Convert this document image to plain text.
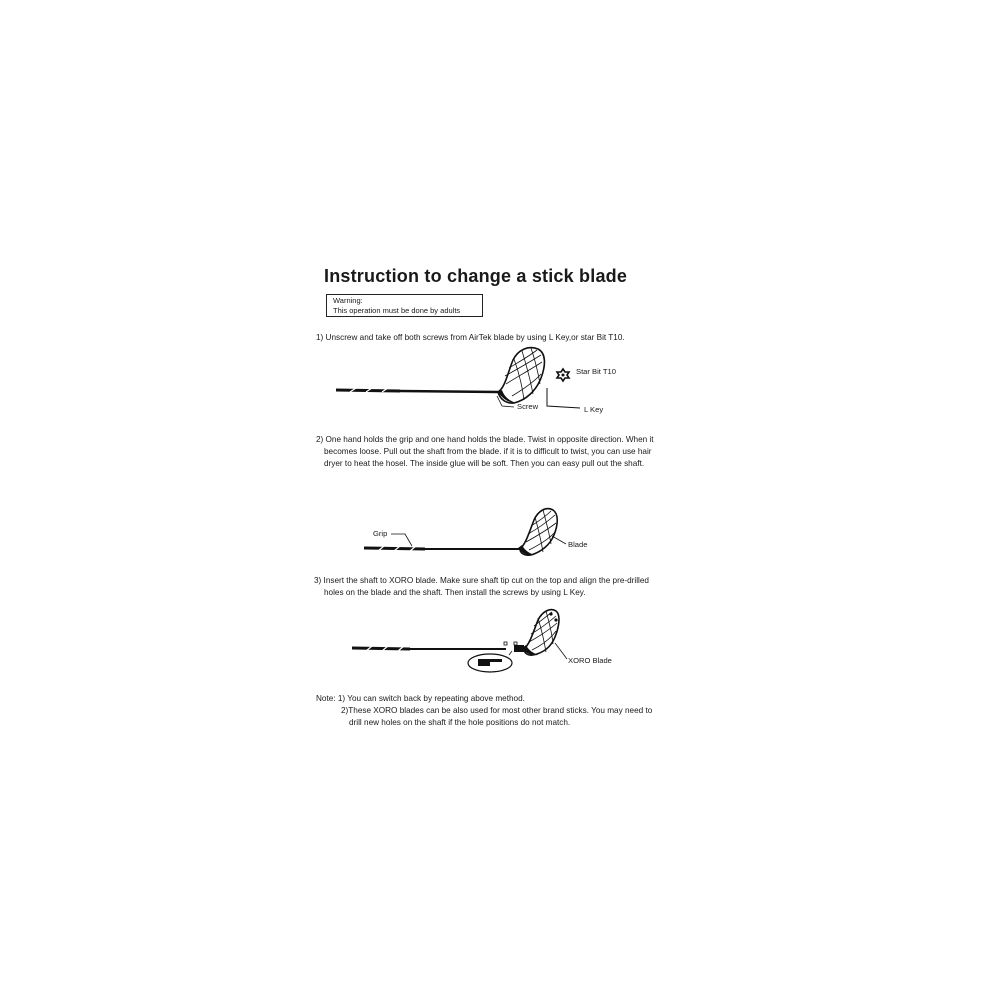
Instruction to change a stick blade
Warning:
This operation must be done by adults
1) Unscrew and take off both screws from AirTek blade by using L Key,or star Bit T10.
2) One hand holds the grip and one hand holds the blade. Twist in opposite direction. When it
becomes loose. Pull out the shaft from the blade. if it is to difficult to twist, you can use hair
dryer to heat the hosel. The inside glue will be soft. Then you can easy pull out the shaft.
3) Insert the shaft to XORO blade. Make sure shaft tip cut on the top and align the pre-drilled
holes on the blade and the shaft. Then install the screws by using L Key.
Note: 1) You can switch back by repeating above method.
2)These XORO blades can be also used for most other brand sticks. You may need to
drill new holes on the shaft if the hole positions do not match.
Star Bit T10
Screw	L Key
Grip
Blade
XORO Blade
